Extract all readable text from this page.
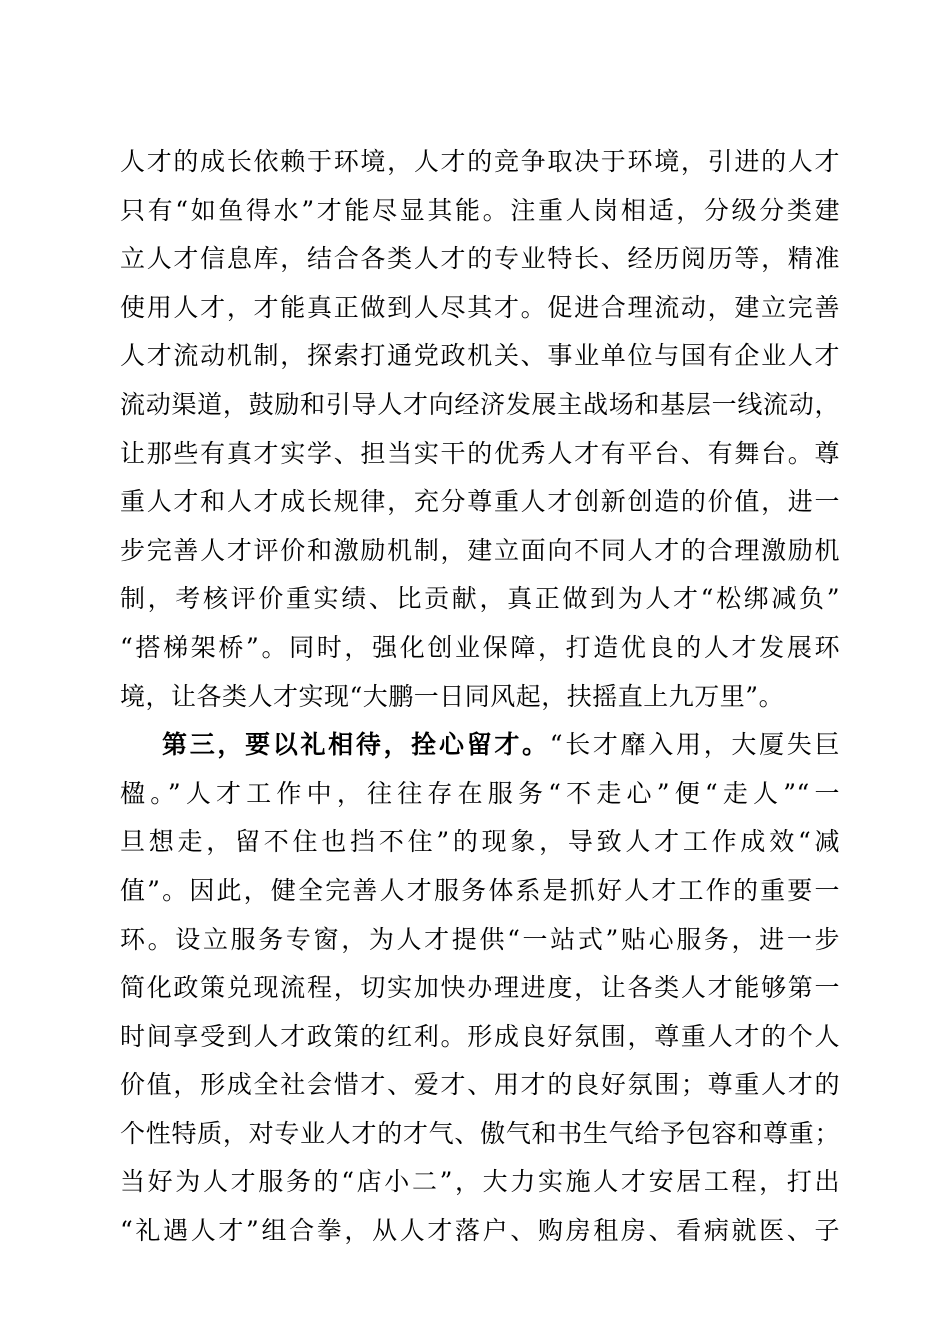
人才的成长依赖于环境，人才的竞争取决于环境，引进的人才
只有“如鱼得水”才能尽显其能。注重人岗相适，分级分类建
立人才信息库，结合各类人才的专业特长、经历阅历等，精准
使用人才，才能真正做到人尽其才。促进合理流动，建立完善
人才流动机制，探索打通党政机关、事业单位与国有企业人才
流动渠道，鼓励和引导人才向经济发展主战场和基层一线流动，
让那些有真才实学、担当实干的优秀人才有平台、有舞台。尊
重人才和人才成长规律，充分尊重人才创新创造的价值，进一
步完善人才评价和激励机制，建立面向不同人才的合理激励机
制，考核评价重实绩、比贡献，真正做到为人才“松绑减负”
“搭梯架桥”。同时，强化创业保障，打造优良的人才发展环
境，让各类人才实现“大鹏一日同风起，扶摇直上九万里”。
第三，要以礼相待，拴心留才。“长才靡入用，大厦失巨
楹。”人才工作中，往往存在服务“不走心”便“走人”“一
旦想走，留不住也挡不住”的现象，导致人才工作成效“减
值”。因此，健全完善人才服务体系是抓好人才工作的重要一
环。设立服务专窗，为人才提供“一站式”贴心服务，进一步
简化政策兑现流程，切实加快办理进度，让各类人才能够第一
时间享受到人才政策的红利。形成良好氛围，尊重人才的个人
价值，形成全社会惜才、爱才、用才的良好氛围；尊重人才的
个性特质，对专业人才的才气、傲气和书生气给予包容和尊重；
当好为人才服务的“店小二”，大力实施人才安居工程，打出
“礼遇人才”组合拳，从人才落户、购房租房、看病就医、子
